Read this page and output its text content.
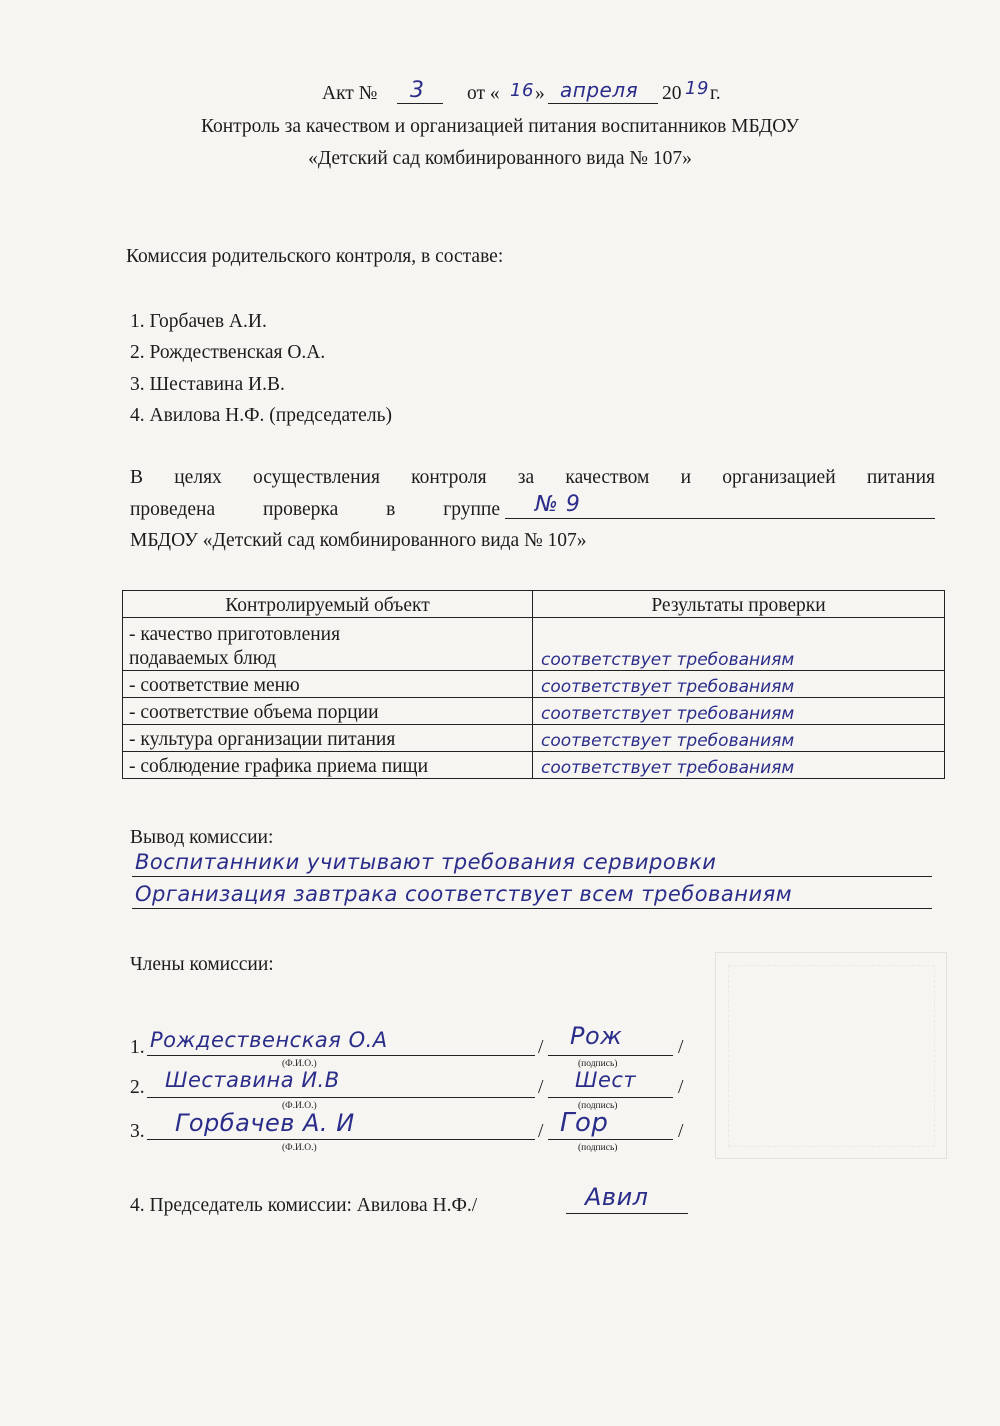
Акт № 3 от « 16 » апреля 20 19 г.
Контроль за качеством и организацией питания воспитанников МБДОУ
«Детский сад комбинированного вида № 107»
Комиссия родительского контроля, в составе:
1. Горбачев А.И.
2. Рождественская О.А.
3. Шеставина И.В.
4. Авилова Н.Ф. (председатель)
В целях осуществления контроля за качеством и организацией питания
проведена проверка в группе № 9
МБДОУ «Детский сад комбинированного вида № 107»
Контролируемый объект	Результаты проверки

- качество приготовления
подаваемых блюд	соответствует требованиям
- соответствие меню	соответствует требованиям
- соответствие объема порции	соответствует требованиям
- культура организации питания	соответствует требованиям
- соблюдение графика приема пищи	соответствует требованиям
Вывод комиссии:
Воспитанники учитывают требования сервировки
Организация завтрака соответствует всем требованиям
Члены комиссии:
1. Рождественская О.А	/ Рож	/
(Ф.И.О.)	(подпись)
2. Шеставина И.В	/ Шест /
(Ф.И.О.)	(подпись)
3. Горбачев А. И	/ Гор	/
(Ф.И.О.)	(подпись)
4. Председатель комиссии: Авилова Н.Ф./	Авил
